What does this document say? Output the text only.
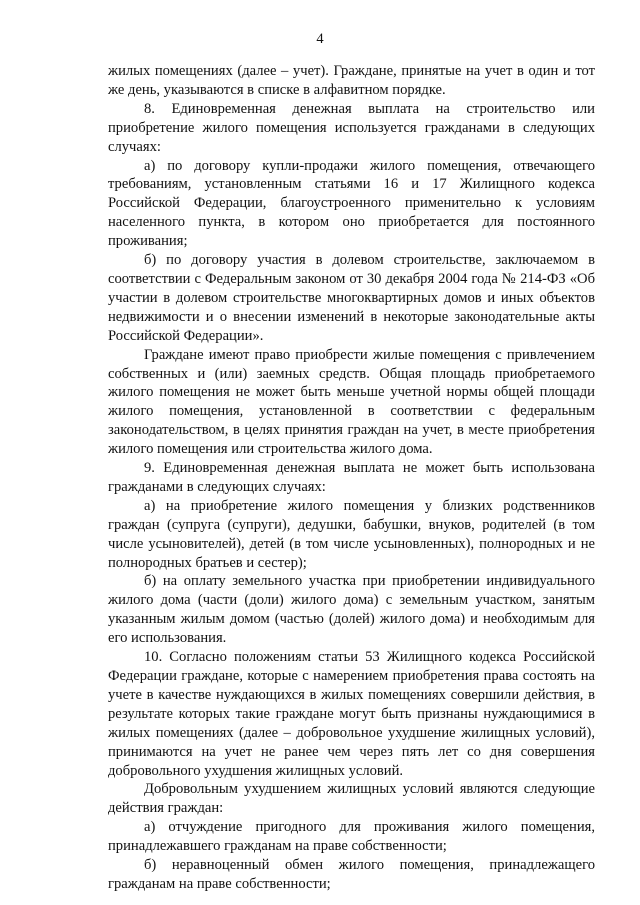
4

жилых помещениях (далее – учет). Граждане, принятые на учет в один и тот же день, указываются в списке в алфавитном порядке.

8. Единовременная денежная выплата на строительство или приобретение жилого помещения используется гражданами в следующих случаях:

а) по договору купли-продажи жилого помещения, отвечающего требованиям, установленным статьями 16 и 17 Жилищного кодекса Российской Федерации, благоустроенного применительно к условиям населенного пункта, в котором оно приобретается для постоянного проживания;

б) по договору участия в долевом строительстве, заключаемом в соответствии с Федеральным законом от 30 декабря 2004 года № 214-ФЗ «Об участии в долевом строительстве многоквартирных домов и иных объектов недвижимости и о внесении изменений в некоторые законодательные акты Российской Федерации».

Граждане имеют право приобрести жилые помещения с привлечением собственных и (или) заемных средств. Общая площадь приобретаемого жилого помещения не может быть меньше учетной нормы общей площади жилого помещения, установленной в соответствии с федеральным законодательством, в целях принятия граждан на учет, в месте приобретения жилого помещения или строительства жилого дома.

9. Единовременная денежная выплата не может быть использована гражданами в следующих случаях:

а) на приобретение жилого помещения у близких родственников граждан (супруга (супруги), дедушки, бабушки, внуков, родителей (в том числе усыновителей), детей (в том числе усыновленных), полнородных и не полнородных братьев и сестер);

б) на оплату земельного участка при приобретении индивидуального жилого дома (части (доли) жилого дома) с земельным участком, занятым указанным жилым домом (частью (долей) жилого дома) и необходимым для его использования.

10. Согласно положениям статьи 53 Жилищного кодекса Российской Федерации граждане, которые с намерением приобретения права состоять на учете в качестве нуждающихся в жилых помещениях совершили действия, в результате которых такие граждане могут быть признаны нуждающимися в жилых помещениях (далее – добровольное ухудшение жилищных условий), принимаются на учет не ранее чем через пять лет со дня совершения добровольного ухудшения жилищных условий.

Добровольным ухудшением жилищных условий являются следующие действия граждан:

а) отчуждение пригодного для проживания жилого помещения, принадлежавшего гражданам на праве собственности;

б) неравноценный обмен жилого помещения, принадлежащего гражданам на праве собственности;
